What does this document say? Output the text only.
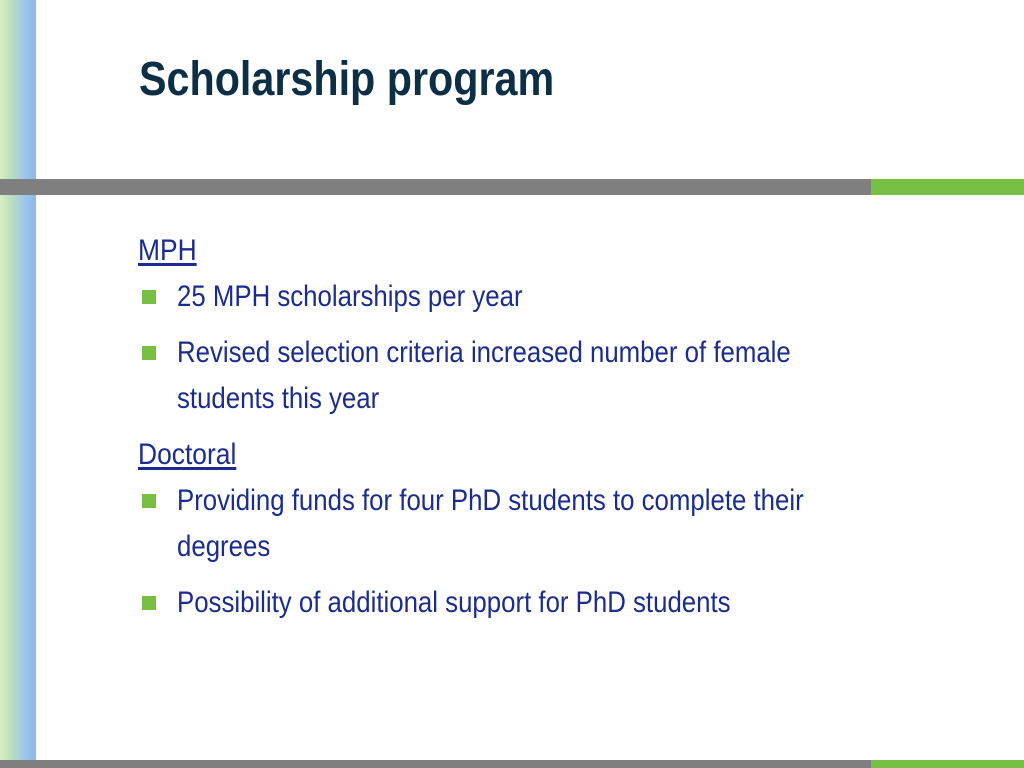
Scholarship program
MPH
25 MPH scholarships per year
Revised selection criteria increased number of female students this year
Doctoral
Providing funds for four PhD students to complete their degrees
Possibility of additional support for PhD students
